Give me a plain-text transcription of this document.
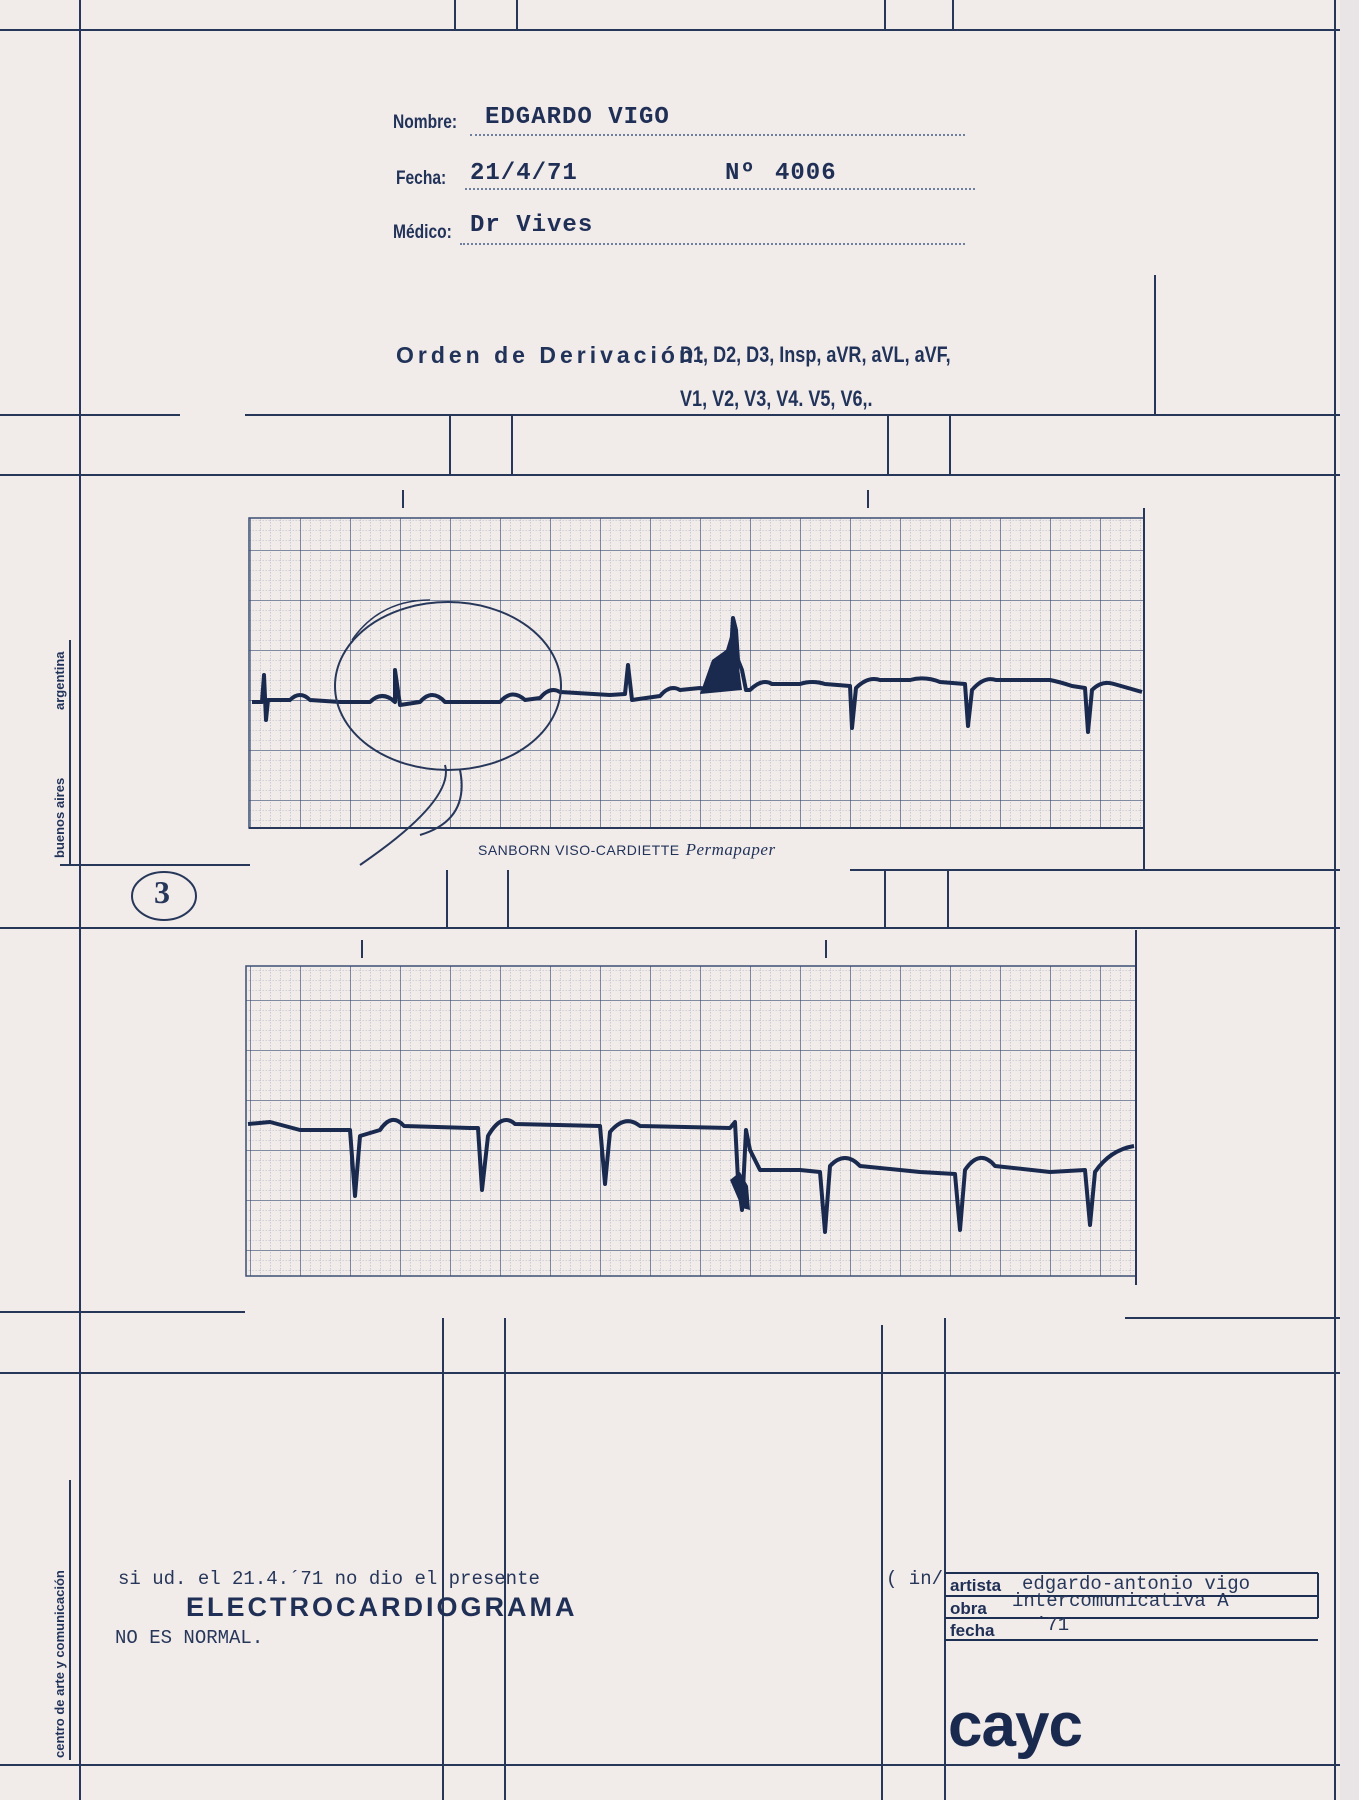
buenos aires
argentina
centro de arte y comunicación
Nombre: EDGARDO VIGO
Fecha: 21/4/71	Nº 4006
Médico: Dr Vives
Orden de Derivación:
D1, D2, D3, Insp, aVR, aVL, aVF,
V1, V2, V3, V4. V5, V6,.
SANBORN VISO-CARDIETTE Permapaper
3
si ud. el 21.4.´71 no dio el presente
ELECTROCARDIOGRAMA
NO ES NORMAL.
( in/ artista edgardo-antonio vigo
obra intercomunicativa A
fecha ´71
cayc
